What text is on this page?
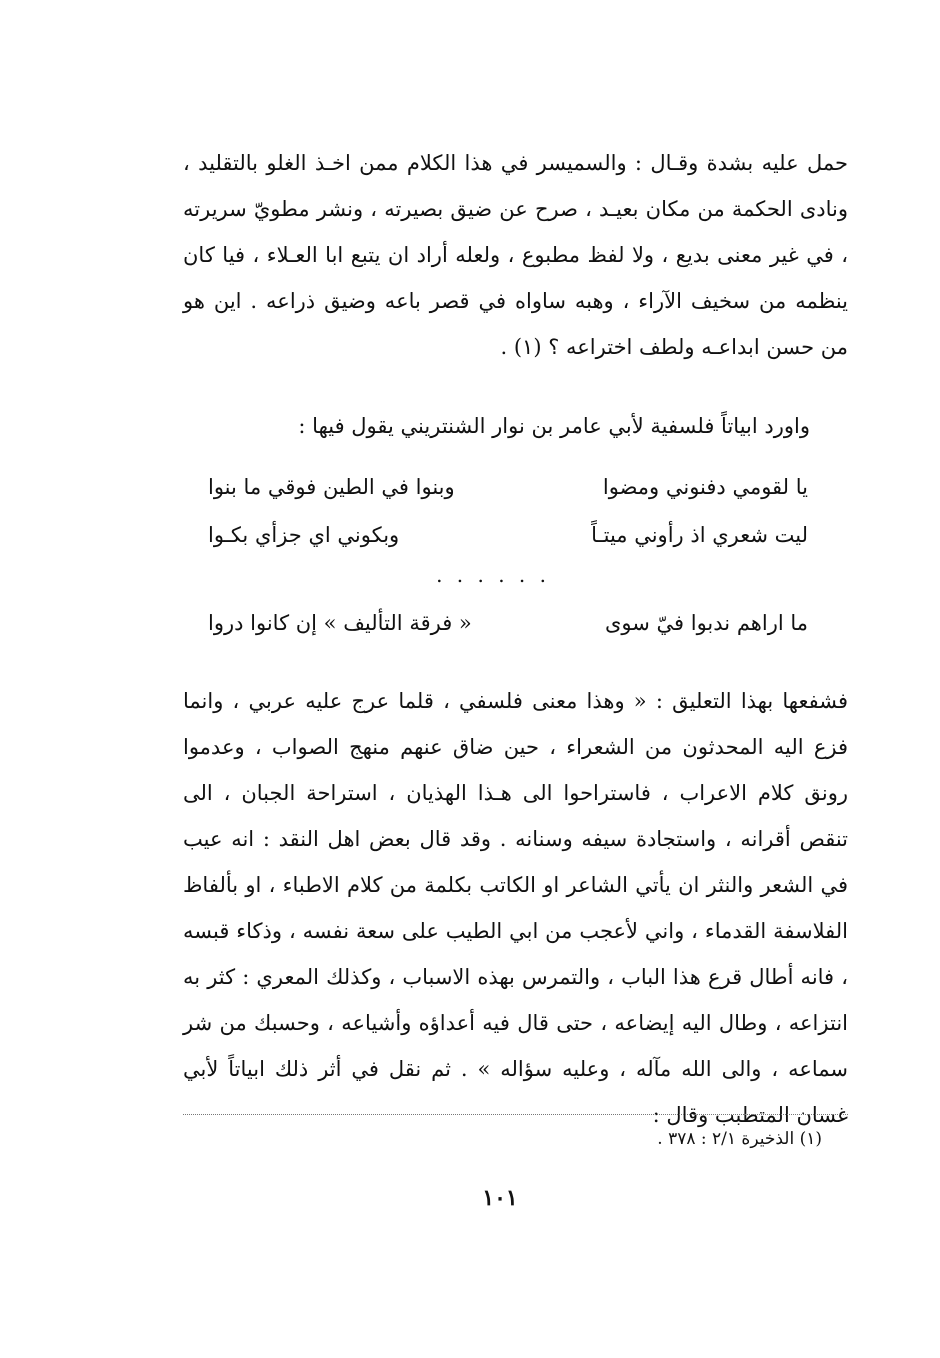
حمل عليه بشدة وقـال : والسميسر في هذا الكلام ممن اخـذ الغلو بالتقليد ، ونادى الحكمة من مكان بعيـد ، صرح عن ضيق بصيرته ، ونشر مطويّ سريرته ، في غير معنى بديع ، ولا لفظ مطبوع ، ولعله أراد ان يتبع ابا العـلاء ، فيا كان ينظمه من سخيف الآراء ، وهبه ساواه في قصر باعه وضيق ذراعه . اين هو من حسن ابداعـه ولطف اختراعه ؟ (١) .

واورد ابياتاً فلسفية لأبي عامر بن نوار الشنتريني يقول فيها :
يا لقومي دفنوني ومضوا
وبنوا في الطين فوقي ما بنوا
ليت شعري اذ رأوني ميتـاً
وبكوني اي جزأي بكـوا
. . . . . .
ما اراهم ندبوا فيّ سوى
« فرقة التأليف » إن كانوا دروا

فشفعها بهذا التعليق : « وهذا معنى فلسفي ، قلما عرج عليه عربي ، وانما فزع اليه المحدثون من الشعراء ، حين ضاق عنهم منهج الصواب ، وعدموا رونق كلام الاعراب ، فاستراحوا الى هـذا الهذيان ، استراحة الجبان ، الى تنقص أقرانه ، واستجادة سيفه وسنانه . وقد قال بعض اهل النقد : انه عيب في الشعر والنثر ان يأتي الشاعر او الكاتب بكلمة من كلام الاطباء ، او بألفاظ الفلاسفة القدماء ، واني لأعجب من ابي الطيب على سعة نفسه ، وذكاء قبسه ، فانه أطال قرع هذا الباب ، والتمرس بهذه الاسباب ، وكذلك المعري : كثر به انتزاعه ، وطال اليه إيضاعه ، حتى قال فيه أعداؤه وأشياعه ، وحسبك من شر سماعه ، والى الله مآله ، وعليه سؤاله » . ثم نقل في أثر ذلك ابياتاً لأبي غسان المتطبب وقال :

(١) الذخيرة ٢/١ : ٣٧٨ .
١٠١
